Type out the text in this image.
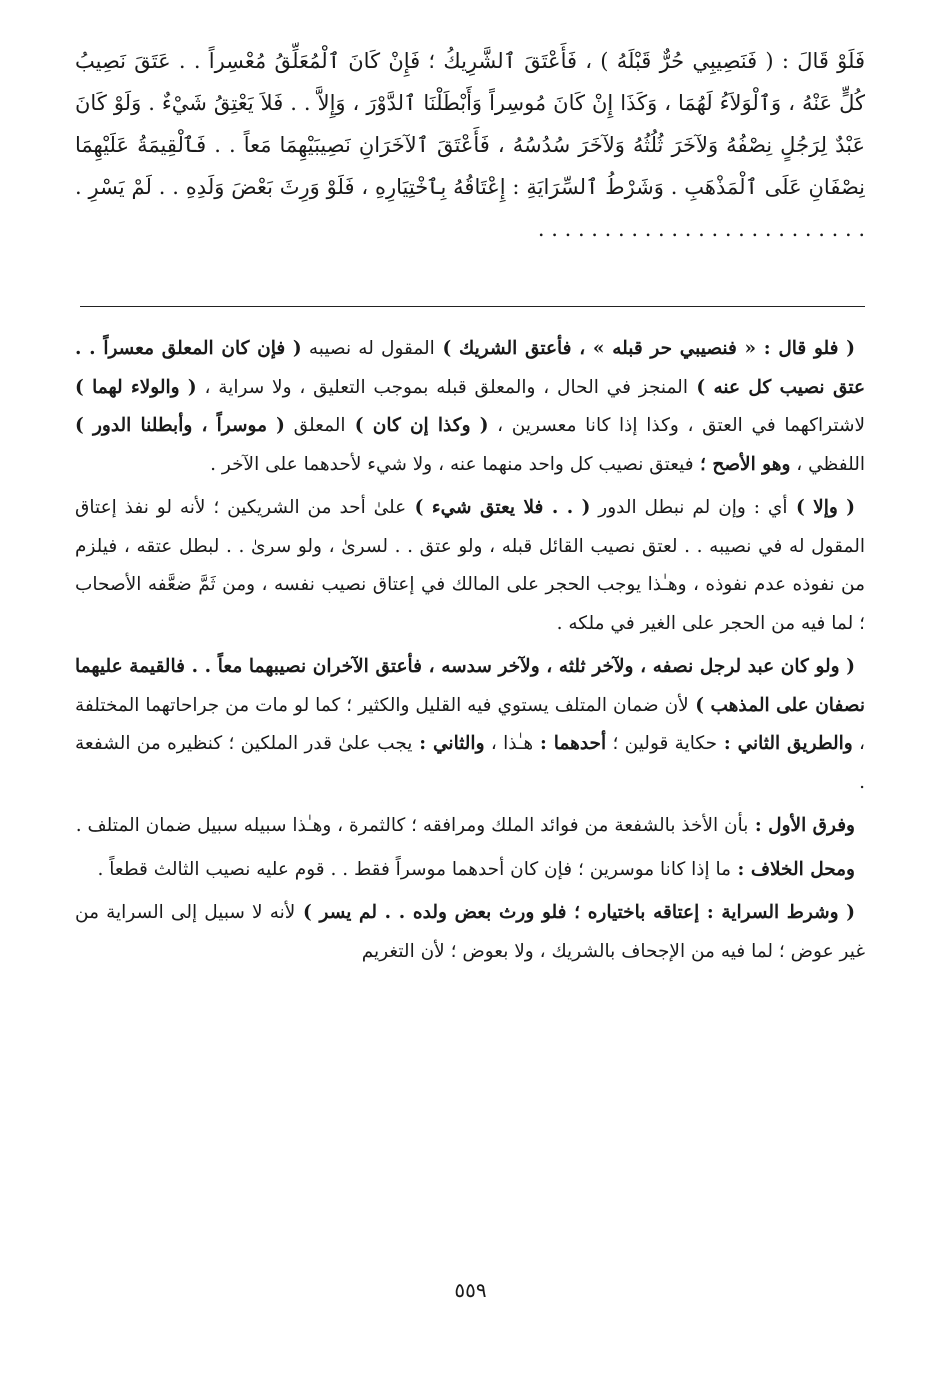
فَلَوْ قَالَ : ( فَنَصِيبِي حُرٌّ قَبْلَهُ ) ، فَأَعْتَقَ ٱلشَّرِيكُ ؛ فَإِنْ كَانَ ٱلْمُعَلِّقُ مُعْسِراً . . عَتَقَ نَصِيبُ كُلٍّ عَنْهُ ، وَٱلْوَلاَءُ لَهُمَا ، وَكَذَا إِنْ كَانَ مُوسِراً وَأَبْطَلْنَا ٱلدَّوْرَ ، وَإِلاَّ . . فَلاَ يَعْتِقُ شَيْءٌ . وَلَوْ كَانَ عَبْدٌ لِرَجُلٍ نِصْفُهُ وَلآخَرَ ثُلُثُهُ وَلآخَرَ سُدُسُهُ ، فَأَعْتَقَ ٱلآخَرَانِ نَصِيبَيْهِمَا مَعاً . . فَٱلْقِيمَةُ عَلَيْهِمَا نِصْفَانِ عَلَى ٱلْمَذْهَبِ . وَشَرْطُ ٱلسِّرَايَةِ : إِعْتَاقُهُ بِٱخْتِيَارِهِ ، فَلَوْ وَرِثَ بَعْضَ وَلَدِهِ . . لَمْ يَسْرِ . . . . . . . . . . . . . . . . . . . . . . . . . .

( فلو قال : « فنصيبي حر قبله » ، فأعتق الشريك ) المقول له نصيبه ( فإن كان المعلق معسراً . . عتق نصيب كل عنه ) المنجز في الحال ، والمعلق قبله بموجب التعليق ، ولا سراية ، ( والولاء لهما ) لاشتراكهما في العتق ، وكذا إذا كانا معسرين ، ( وكذا إن كان ) المعلق ( موسراً ، وأبطلنا الدور ) اللفظي ، وهو الأصح ؛ فيعتق نصيب كل واحد منهما عنه ، ولا شيء لأحدهما على الآخر .

( وإلا ) أي : وإن لم نبطل الدور ( . . فلا يعتق شيء ) علىٰ أحد من الشريكين ؛ لأنه لو نفذ إعتاق المقول له في نصيبه . . لعتق نصيب القائل قبله ، ولو عتق . . لسرىٰ ، ولو سرىٰ . . لبطل عتقه ، فيلزم من نفوذه عدم نفوذه ، وهـٰذا يوجب الحجر على المالك في إعتاق نصيب نفسه ، ومن ثَمَّ ضعَّفه الأصحاب ؛ لما فيه من الحجر على الغير في ملكه .

( ولو كان عبد لرجل نصفه ، ولآخر ثلثه ، ولآخر سدسه ، فأعتق الآخران نصيبهما معاً . . فالقيمة عليهما نصفان على المذهب ) لأن ضمان المتلف يستوي فيه القليل والكثير ؛ كما لو مات من جراحاتهما المختلفة ، والطريق الثاني : حكاية قولين ؛ أحدهما : هـٰذا ، والثاني : يجب علىٰ قدر الملكين ؛ كنظيره من الشفعة .

وفرق الأول : بأن الأخذ بالشفعة من فوائد الملك ومرافقه ؛ كالثمرة ، وهـٰذا سبيله سبيل ضمان المتلف .

ومحل الخلاف : ما إذا كانا موسرين ؛ فإن كان أحدهما موسراً فقط . . قوم عليه نصيب الثالث قطعاً .

( وشرط السراية : إعتاقه باختياره ؛ فلو ورث بعض ولده . . لم يسر ) لأنه لا سبيل إلى السراية من غير عوض ؛ لما فيه من الإجحاف بالشريك ، ولا بعوض ؛ لأن التغريم

٥٥٩
